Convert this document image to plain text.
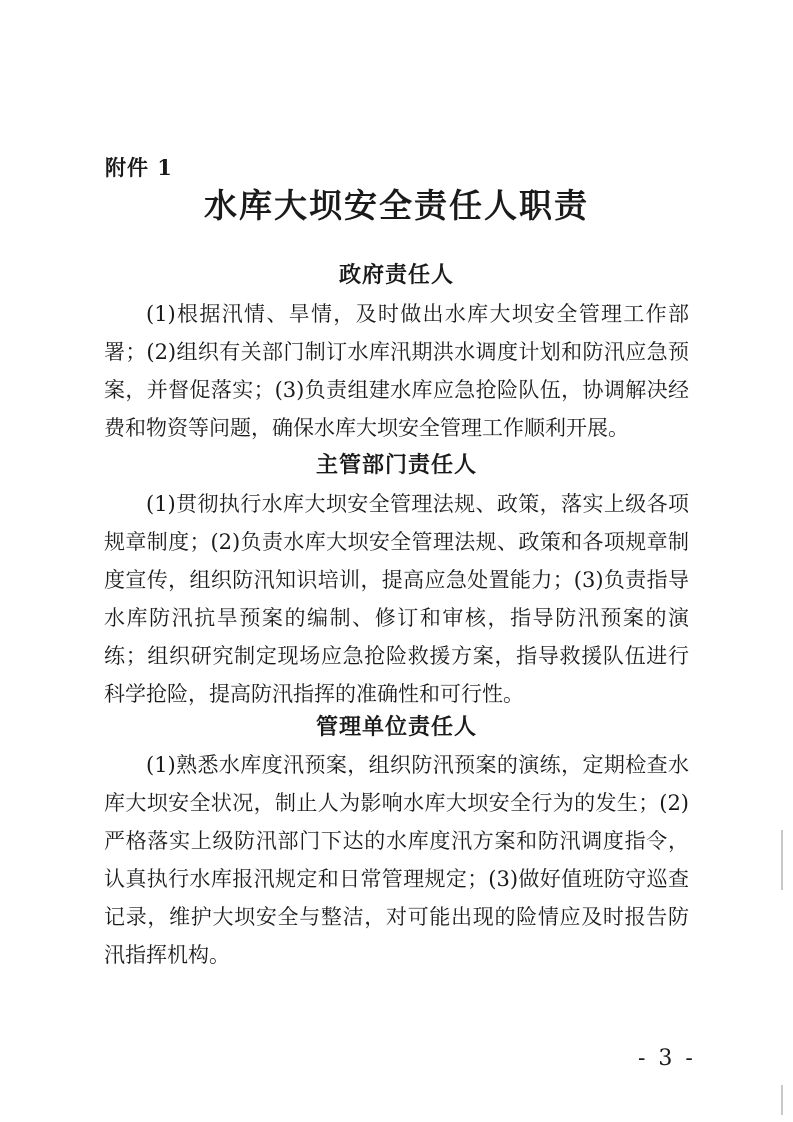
附件 1
水库大坝安全责任人职责
政府责任人

(1)根据汛情、旱情，及时做出水库大坝安全管理工作部署；(2)组织有关部门制订水库汛期洪水调度计划和防汛应急预案，并督促落实；(3)负责组建水库应急抢险队伍，协调解决经费和物资等问题，确保水库大坝安全管理工作顺利开展。

主管部门责任人

(1)贯彻执行水库大坝安全管理法规、政策，落实上级各项规章制度；(2)负责水库大坝安全管理法规、政策和各项规章制度宣传，组织防汛知识培训，提高应急处置能力；(3)负责指导水库防汛抗旱预案的编制、修订和审核，指导防汛预案的演练；组织研究制定现场应急抢险救援方案，指导救援队伍进行科学抢险，提高防汛指挥的准确性和可行性。

管理单位责任人

(1)熟悉水库度汛预案，组织防汛预案的演练，定期检查水库大坝安全状况，制止人为影响水库大坝安全行为的发生；(2)严格落实上级防汛部门下达的水库度汛方案和防汛调度指令，认真执行水库报汛规定和日常管理规定；(3)做好值班防守巡查记录，维护大坝安全与整洁，对可能出现的险情应及时报告防汛指挥机构。

- 3 -
